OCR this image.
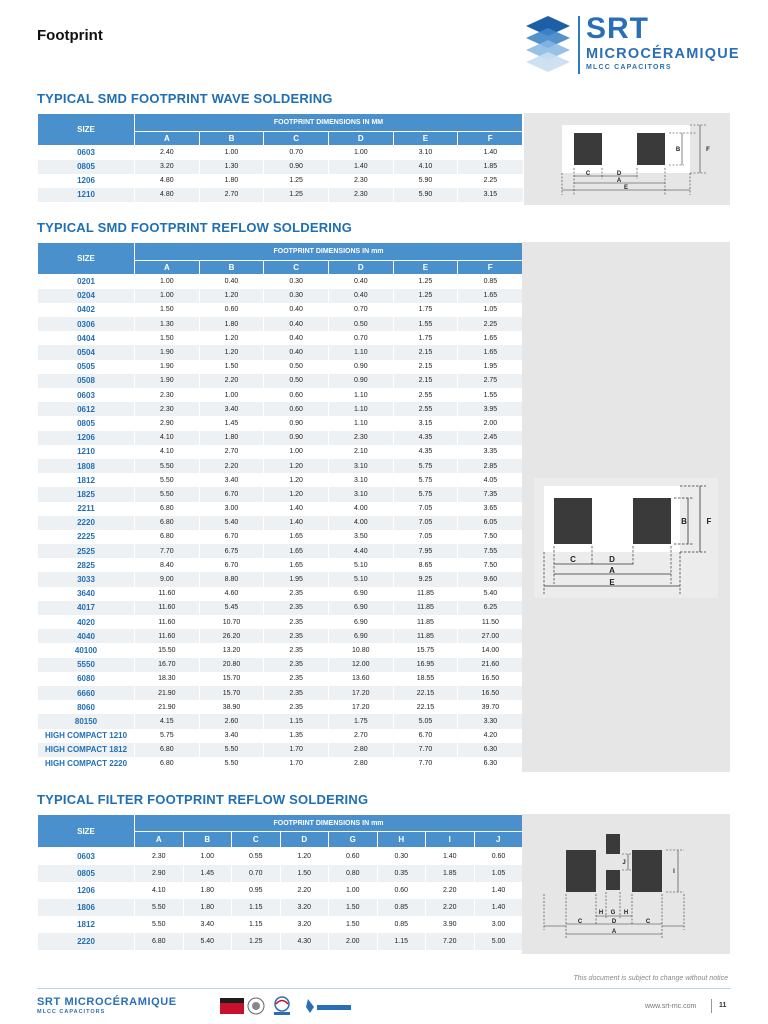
Footprint	SRT
MICROCÉRAMIQUE
MLCC CAPACITORS
TYPICAL SMD FOOTPRINT WAVE SOLDERING
SIZE	FOOTPRINT DIMENSIONS IN MM					
	A	B	C	D	E	F
0603	2.40	1.00	0.70	1.00	3.10	1.40
0805	3.20	1.30	0.90	1.40	4.10	1.85
1206	4.80	1.80	1.25	2.30	5.90	2.25
1210	4.80	2.70	1.25	2.30	5.90	3.15
C	D
A
E
B	F
TYPICAL SMD FOOTPRINT REFLOW SOLDERING
SIZE	FOOTPRINT DIMENSIONS IN mm					
	A	B	C	D	E	F
0201	1.00	0.40	0.30	0.40	1.25	0.85
0204	1.00	1.20	0.30	0.40	1.25	1.65
0402	1.50	0.60	0.40	0.70	1.75	1.05
0306	1.30	1.80	0.40	0.50	1.55	2.25
0404	1.50	1.20	0.40	0.70	1.75	1.65
0504	1.90	1.20	0.40	1.10	2.15	1.65
0505	1.90	1.50	0.50	0.90	2.15	1.95
0508	1.90	2.20	0.50	0.90	2.15	2.75
0603	2.30	1.00	0.60	1.10	2.55	1.55
0612	2.30	3.40	0.60	1.10	2.55	3.95
0805	2.90	1.45	0.90	1.10	3.15	2.00
1206	4.10	1.80	0.90	2.30	4.35	2.45
1210	4.10	2.70	1.00	2.10	4.35	3.35
1808	5.50	2.20	1.20	3.10	5.75	2.85
1812	5.50	3.40	1.20	3.10	5.75	4.05
1825	5.50	6.70	1.20	3.10	5.75	7.35
2211	6.80	3.00	1.40	4.00	7.05	3.65
2220	6.80	5.40	1.40	4.00	7.05	6.05
2225	6.80	6.70	1.65	3.50	7.05	7.50
2525	7.70	6.75	1.65	4.40	7.95	7.55
2825	8.40	6.70	1.65	5.10	8.65	7.50
3033	9.00	8.80	1.95	5.10	9.25	9.60
3640	11.60	4.60	2.35	6.90	11.85	5.40
4017	11.60	5.45	2.35	6.90	11.85	6.25
4020	11.60	10.70	2.35	6.90	11.85	11.50
4040	11.60	26.20	2.35	6.90	11.85	27.00
40100	15.50	13.20	2.35	10.80	15.75	14.00
5550	16.70	20.80	2.35	12.00	16.95	21.60
6080	18.30	15.70	2.35	13.60	18.55	16.50
6660	21.90	15.70	2.35	17.20	22.15	16.50
8060	21.90	38.90	2.35	17.20	22.15	39.70
80150	4.15	2.60	1.15	1.75	5.05	3.30
HIGH COMPACT 1210	5.75	3.40	1.35	2.70	6.70	4.20
HIGH COMPACT 1812	6.80	5.50	1.70	2.80	7.70	6.30
HIGH COMPACT 2220	6.80	5.50	1.70	2.80	7.70	6.30
C	D
A
E
B F
TYPICAL FILTER FOOTPRINT REFLOW SOLDERING
SIZE	FOOTPRINT DIMENSIONS IN mm							
	A	B	C	D	G	H	I	J
0603	2.30	1.00	0.55	1.20	0.60	0.30	1.40	0.60
0805	2.90	1.45	0.70	1.50	0.80	0.35	1.85	1.05
1206	4.10	1.80	0.95	2.20	1.00	0.60	2.20	1.40
1806	5.50	1.80	1.15	3.20	1.50	0.85	2.20	1.40
1812	5.50	3.40	1.15	3.20	1.50	0.85	3.90	3.00
2220	6.80	5.40	1.25	4.30	2.00	1.15	7.20	5.00
J
I
H G H
C	D	C
A
This document is subject to change without notice
SRT MICROCÉRAMIQUE
MLCC CAPACITORS
www.srt-mc.com	11
